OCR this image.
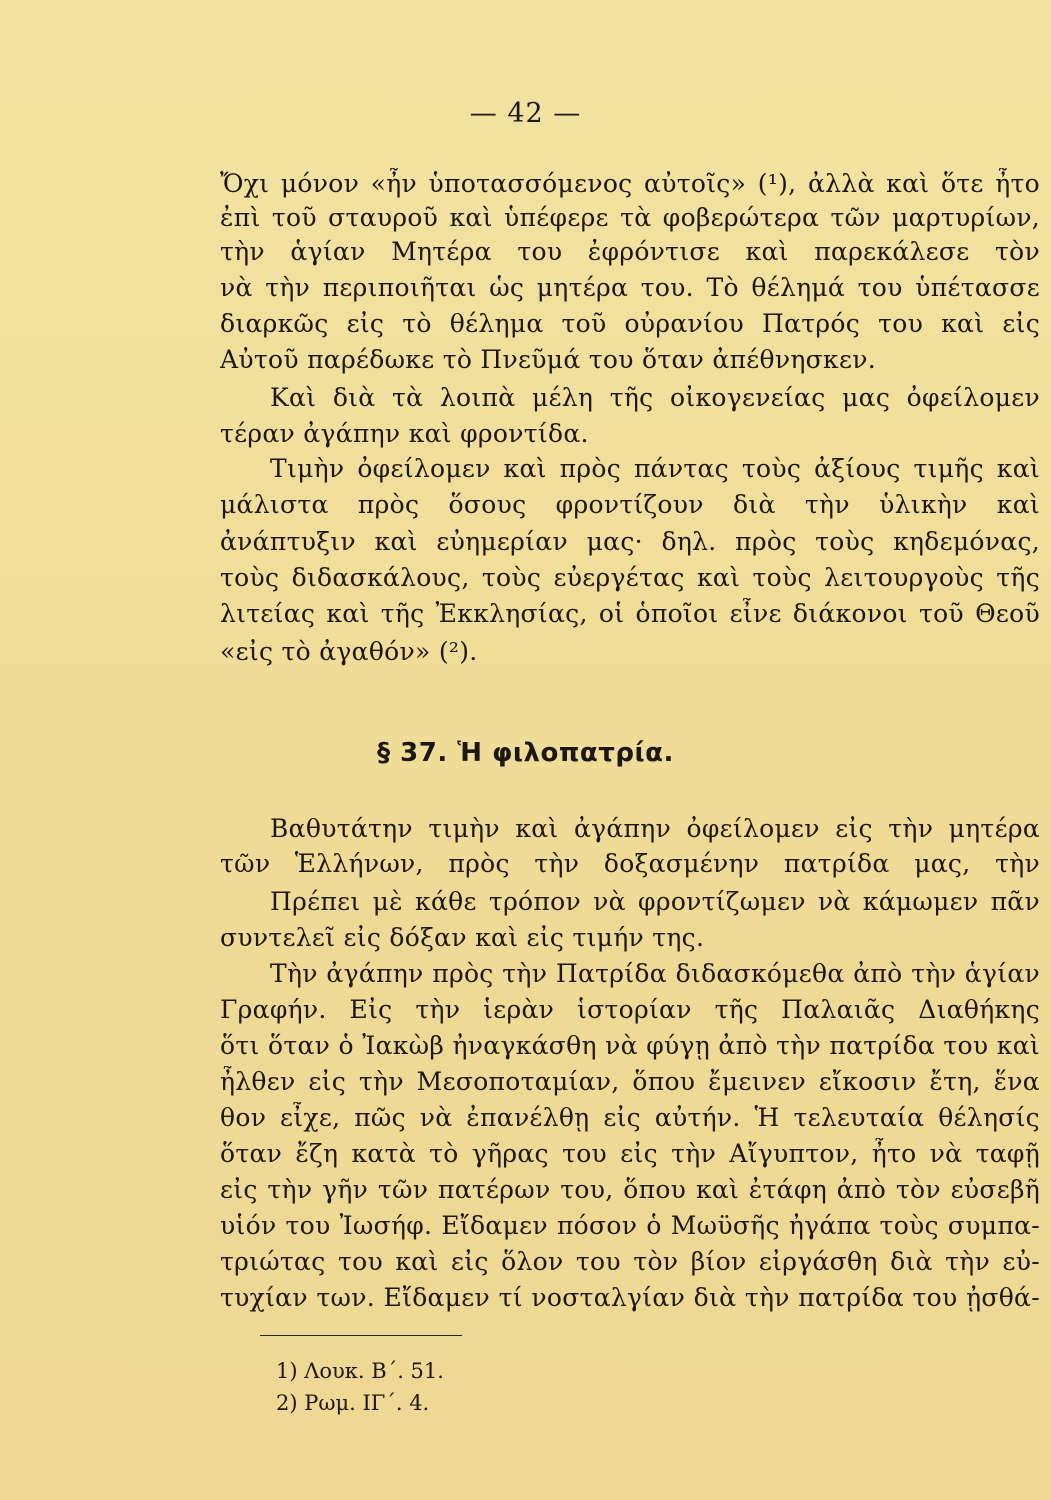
— 42 —
Ὄχι μόνον «ἦν ὑποτασσόμενος αὐτοῖς» (¹), ἀλλὰ καὶ ὅτε ἦτο
ἐπὶ τοῦ σταυροῦ καὶ ὑπέφερε τὰ φοβερώτερα τῶν μαρτυρίων,
τὴν ἁγίαν Μητέρα του ἐφρόντισε καὶ παρεκάλεσε τὸν
νὰ τὴν περιποιῆται ὡς μητέρα του. Τὸ θέλημά του ὑπέτασσε
διαρκῶς εἰς τὸ θέλημα τοῦ οὐρανίου Πατρός του καὶ εἰς
Αὐτοῦ παρέδωκε τὸ Πνεῦμά του ὅταν ἀπέθνησκεν.
Καὶ διὰ τὰ λοιπὰ μέλη τῆς οἰκογενείας μας ὀφείλομεν
τέραν ἀγάπην καὶ φροντίδα.
Τιμὴν ὀφείλομεν καὶ πρὸς πάντας τοὺς ἀξίους τιμῆς καὶ
μάλιστα πρὸς ὅσους φροντίζουν διὰ τὴν ὑλικὴν καὶ
ἀνάπτυξιν καὶ εὐημερίαν μας· δηλ. πρὸς τοὺς κηδεμόνας,
τοὺς διδασκάλους, τοὺς εὐεργέτας καὶ τοὺς λειτουργοὺς τῆς
λιτείας καὶ τῆς Ἐκκλησίας, οἱ ὁποῖοι εἶνε διάκονοι τοῦ Θεοῦ
«εἰς τὸ ἀγαθόν» (²).
§ 37. Ἡ φιλοπατρία.
Βαθυτάτην τιμὴν καὶ ἀγάπην ὀφείλομεν εἰς τὴν μητέρα
τῶν Ἑλλήνων, πρὸς τὴν δοξασμένην πατρίδα μας, τὴν
Πρέπει μὲ κάθε τρόπον νὰ φροντίζωμεν νὰ κάμωμεν πᾶν
συντελεῖ εἰς δόξαν καὶ εἰς τιμήν της.
Τὴν ἀγάπην πρὸς τὴν Πατρίδα διδασκόμεθα ἀπὸ τὴν ἁγίαν
Γραφήν. Εἰς τὴν ἱερὰν ἱστορίαν τῆς Παλαιᾶς Διαθήκης
ὅτι ὅταν ὁ Ἰακὼβ ἠναγκάσθη νὰ φύγῃ ἀπὸ τὴν πατρίδα του καὶ
ἦλθεν εἰς τὴν Μεσοποταμίαν, ὅπου ἔμεινεν εἴκοσιν ἔτη, ἕνα
θον εἶχε, πῶς νὰ ἐπανέλθῃ εἰς αὐτήν. Ἡ τελευταία θέλησίς
ὅταν ἔζη κατὰ τὸ γῆρας του εἰς τὴν Αἴγυπτον, ἦτο νὰ ταφῇ
εἰς τὴν γῆν τῶν πατέρων του, ὅπου καὶ ἐτάφη ἀπὸ τὸν εὐσεβῆ
υἱόν του Ἰωσήφ. Εἴδαμεν πόσον ὁ Μωϋσῆς ἠγάπα τοὺς συμπα-
τριώτας του καὶ εἰς ὅλον του τὸν βίον εἰργάσθη διὰ τὴν εὐ-
τυχίαν των. Εἴδαμεν τί νοσταλγίαν διὰ τὴν πατρίδα του ᾐσθά-
1) Λουκ. Β΄. 51.
2) Ρωμ. ΙΓ΄. 4.
